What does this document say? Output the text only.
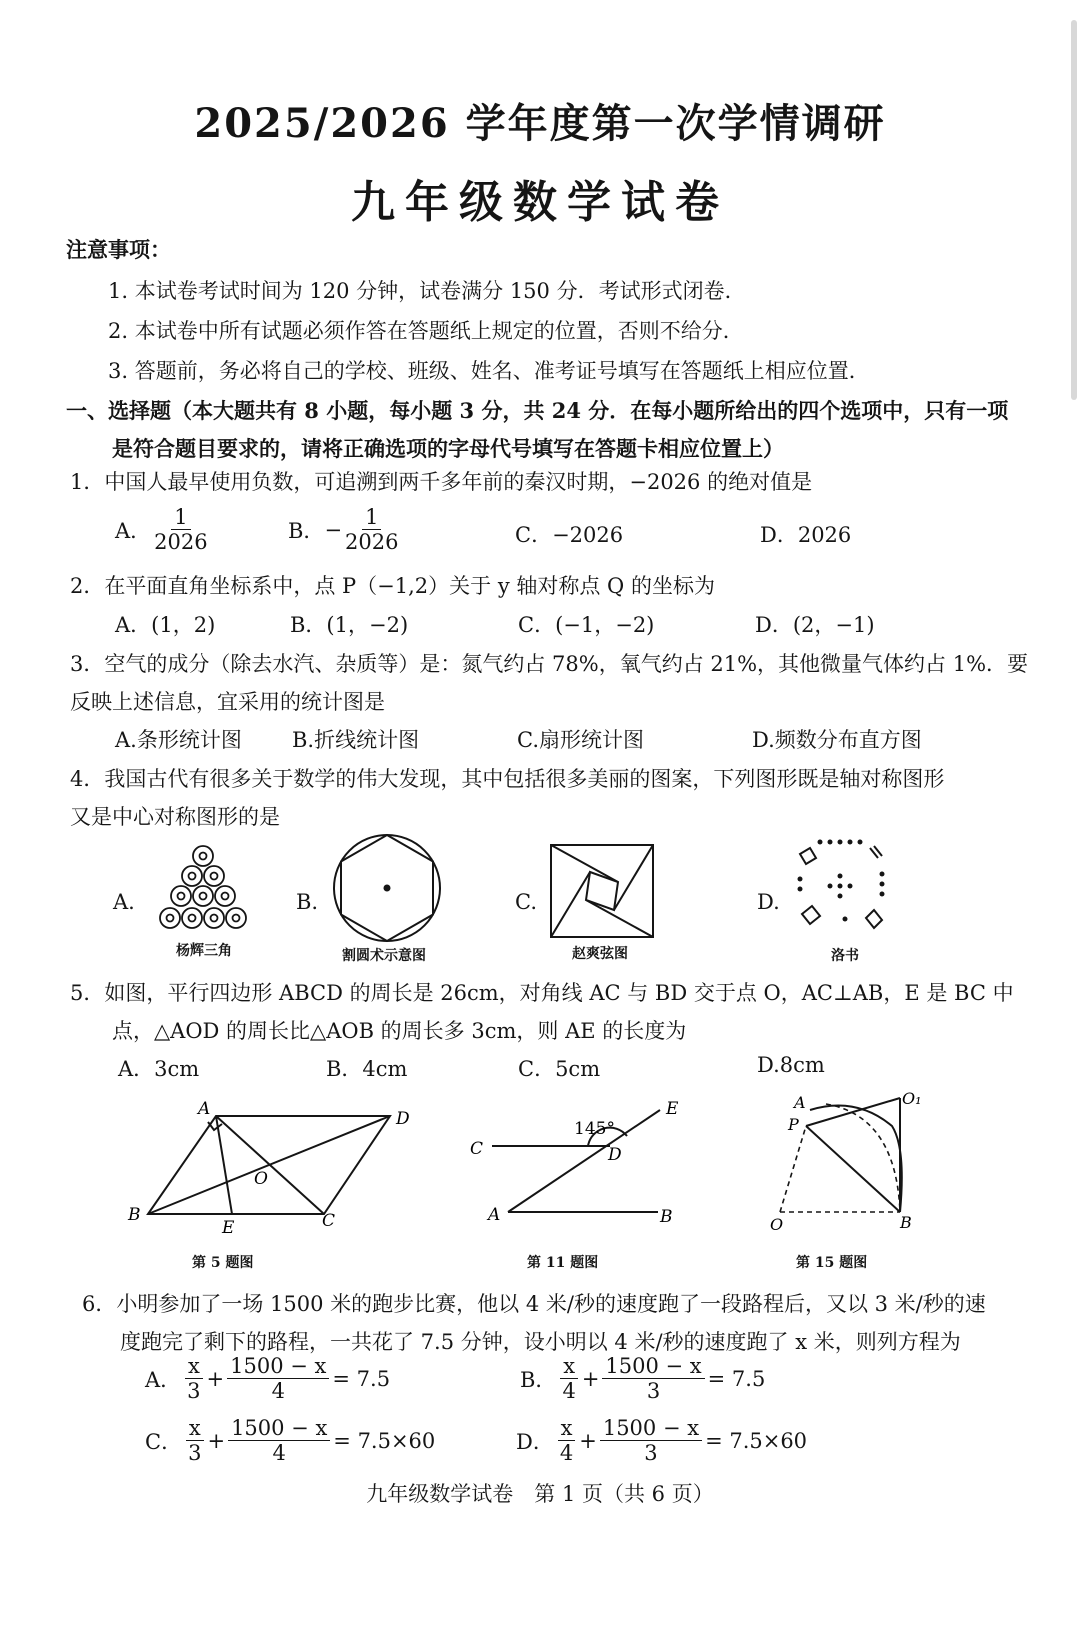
2025/2026 学年度第一次学情调研
九年级数学试卷
注意事项：
1. 本试卷考试时间为 120 分钟，试卷满分 150 分．考试形式闭卷．
2. 本试卷中所有试题必须作答在答题纸上规定的位置，否则不给分．
3. 答题前，务必将自己的学校、班级、姓名、准考证号填写在答题纸上相应位置．
一、选择题（本大题共有 8 小题，每小题 3 分，共 24 分．在每小题所给出的四个选项中，只有一项
是符合题目要求的，请将正确选项的字母代号填写在答题卡相应位置上）
1．中国人最早使用负数，可追溯到两千多年前的秦汉时期，−2026 的绝对值是
A． $\frac{1}{2026}$	B． − $\frac{1}{2026}$	C．−2026	D．2026
2．在平面直角坐标系中，点 P（−1,2）关于 y 轴对称点 Q 的坐标为
A．(1，2)	B．(1，−2)	C．(−1，−2)	D．(2，−1)
3．空气的成分（除去水汽、杂质等）是：氮气约占 78%，氧气约占 21%，其他微量气体约占 1%．要
反映上述信息，宜采用的统计图是
A.条形统计图 B.折线统计图	C.扇形统计图	D.频数分布直方图
4．我国古代有很多关于数学的伟大发现，其中包括很多美丽的图案，下列图形既是轴对称图形
又是中心对称图形的是
A.
杨辉三角
B.
割圆术示意图
C.
赵爽弦图
D.
洛书
5．如图，平行四边形 ABCD 的周长是 26cm，对角线 AC 与 BD 交于点 O，AC⊥AB，E 是 BC 中
点，△AOD 的周长比△AOB 的周长多 3cm，则 AE 的长度为
A．3cm	B．4cm	C．5cm	D.8cm
A	D
O
B
E	C
第 5 题图
E
C	D
A	B
145°
第 11 题图
A	O₁
P
O	B
第 15 题图
6．小明参加了一场 1500 米的跑步比赛，他以 4 米/秒的速度跑了一段路程后，又以 3 米/秒的速
度跑完了剩下的路程，一共花了 7.5 分钟，设小明以 4 米/秒的速度跑了 x 米，则列方程为
A． $\frac{x}{3} + \frac{1500 - x}{4} = 7.5$	B． $\frac{x}{4} + \frac{1500 - x}{3} = 7.5$
C． $\frac{x}{3} + \frac{1500 - x}{4} = 7.5\times 60$	D． $\frac{x}{4} + \frac{1500 - x}{3} = 7.5\times 60$
九年级数学试卷　第 1 页（共 6 页）
